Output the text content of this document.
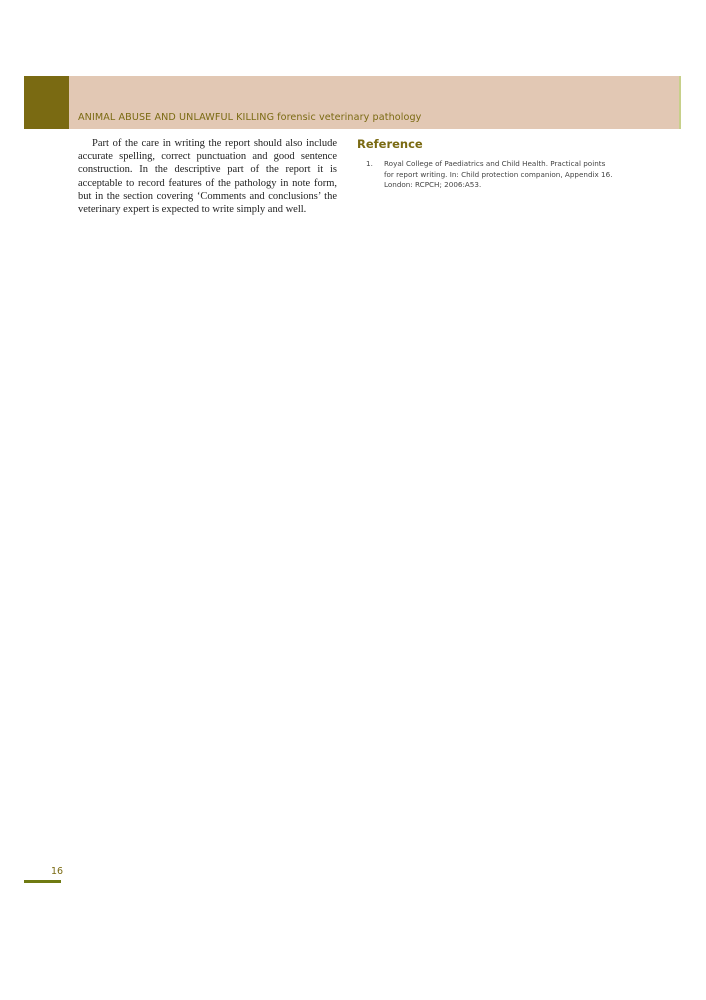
ANIMAL ABUSE AND UNLAWFUL KILLING forensic veterinary pathology

Part of the care in writing the report should also include accurate spelling, correct punctuation and good sentence construction. In the descriptive part of the report it is acceptable to record features of the pathology in note form, but in the section covering ‘Comments and conclusions’ the veterinary expert is expected to write simply and well.

Reference
1. Royal College of Paediatrics and Child Health. Practical points for report writing. In: Child protection companion, Appendix 16. London: RCPCH; 2006:A53.
16
